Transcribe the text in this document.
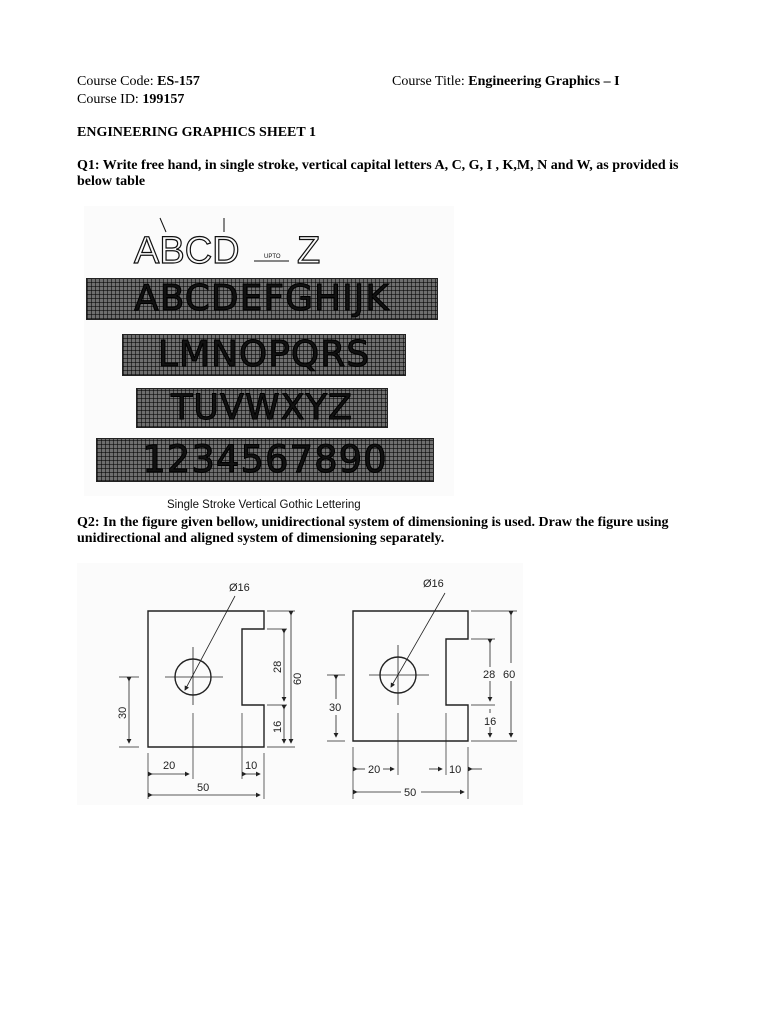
Course Code: ES-157	Course Title: Engineering Graphics – I
Course ID: 199157
ENGINEERING GRAPHICS SHEET 1
Q1: Write free hand, in single stroke, vertical capital letters A, C, G, I , K,M, N and W, as provided is below table
ABCD	UPTO Z
ABCDEFGHIJK
LMNOPQRS
TUVWXYZ
1234567890
Single Stroke Vertical Gothic Lettering
Q2: In the figure given bellow, unidirectional system of dimensioning is used. Draw the figure using unidirectional and aligned system of dimensioning separately.
Ø16
28
16
60
30
20	10
50
Ø16
28 60
16
30
20	10
50
